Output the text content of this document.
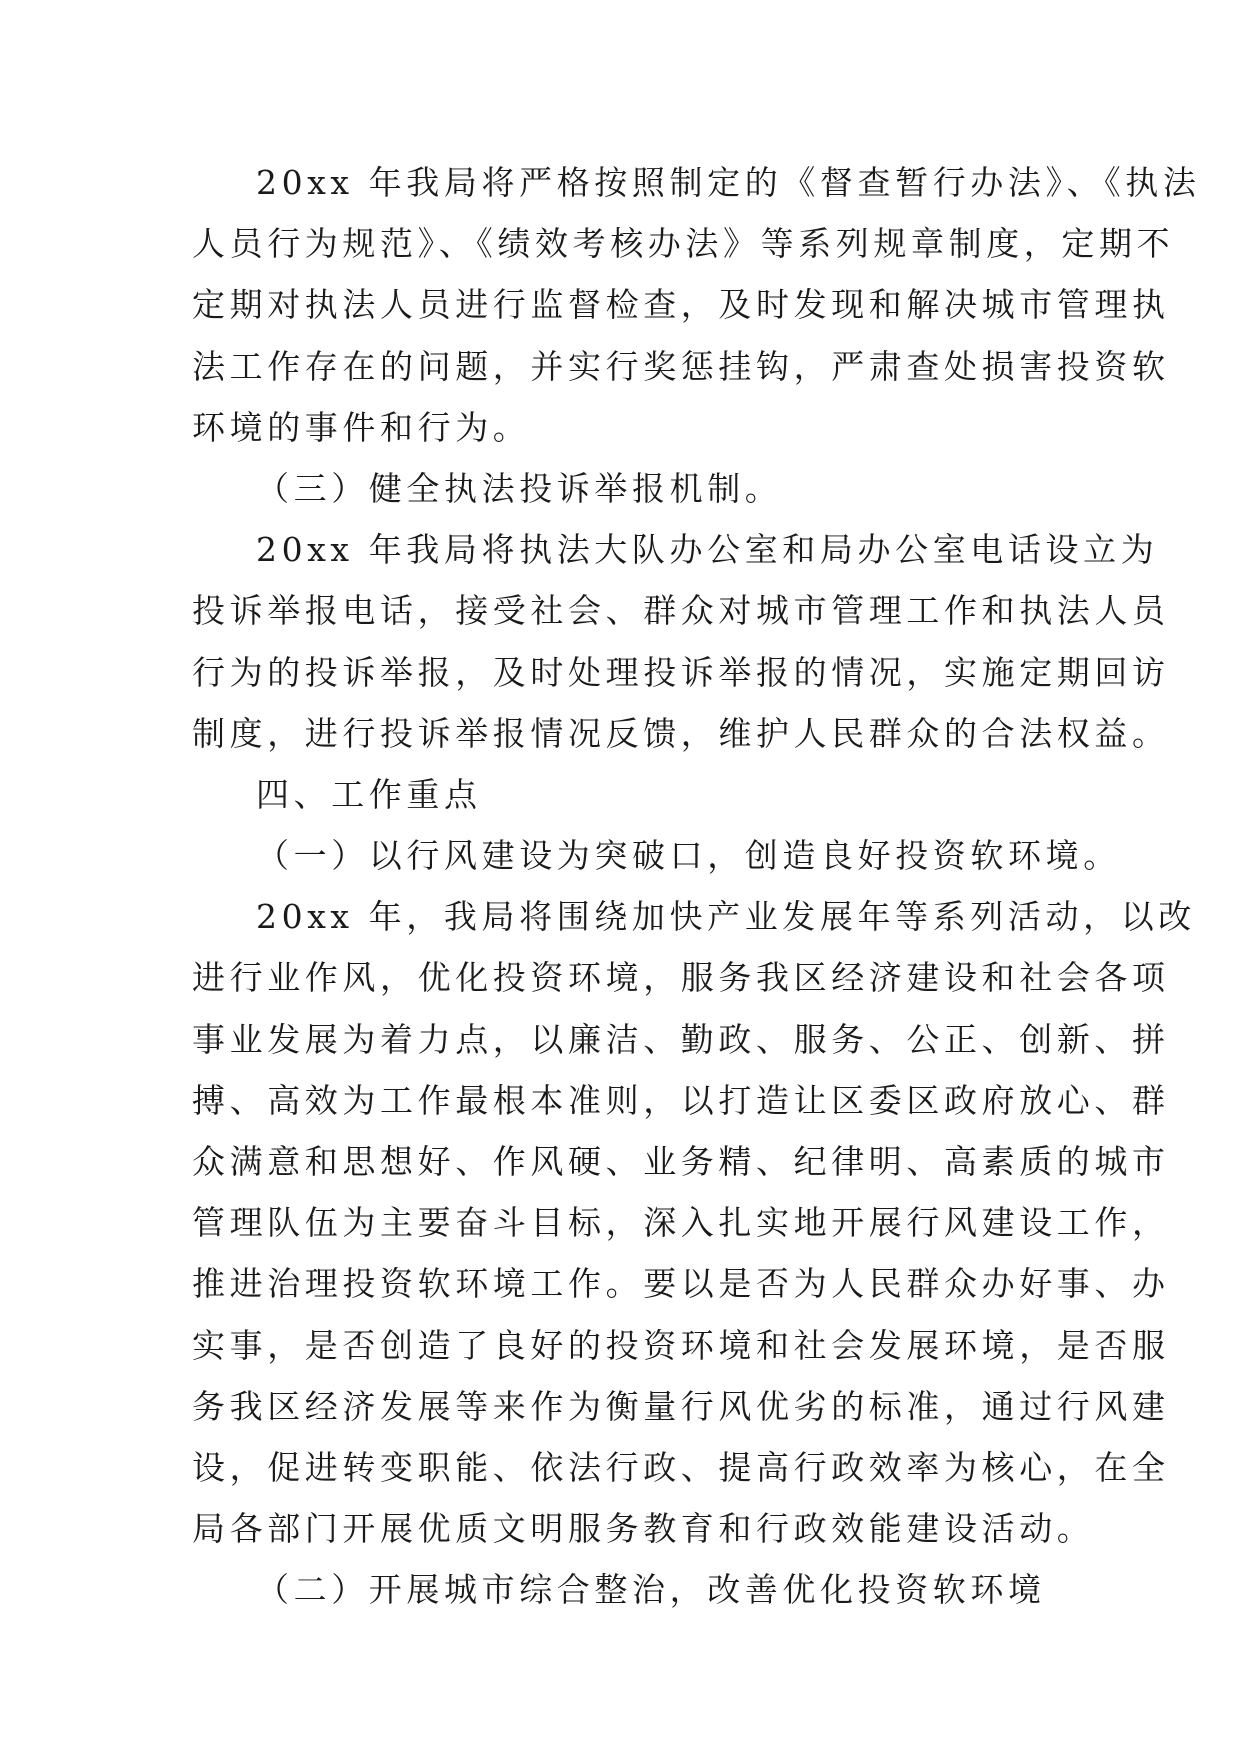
20xx 年我局将严格按照制定的《督查暂行办法》、《执法
人员行为规范》、《绩效考核办法》等系列规章制度，定期不
定期对执法人员进行监督检查，及时发现和解决城市管理执
法工作存在的问题，并实行奖惩挂钩，严肃查处损害投资软
环境的事件和行为。
（三）健全执法投诉举报机制。
20xx 年我局将执法大队办公室和局办公室电话设立为
投诉举报电话，接受社会、群众对城市管理工作和执法人员
行为的投诉举报，及时处理投诉举报的情况，实施定期回访
制度，进行投诉举报情况反馈，维护人民群众的合法权益。
四、工作重点
（一）以行风建设为突破口，创造良好投资软环境。
20xx 年，我局将围绕加快产业发展年等系列活动，以改
进行业作风，优化投资环境，服务我区经济建设和社会各项
事业发展为着力点，以廉洁、勤政、服务、公正、创新、拼
搏、高效为工作最根本准则，以打造让区委区政府放心、群
众满意和思想好、作风硬、业务精、纪律明、高素质的城市
管理队伍为主要奋斗目标，深入扎实地开展行风建设工作，
推进治理投资软环境工作。要以是否为人民群众办好事、办
实事，是否创造了良好的投资环境和社会发展环境，是否服
务我区经济发展等来作为衡量行风优劣的标准，通过行风建
设，促进转变职能、依法行政、提高行政效率为核心，在全
局各部门开展优质文明服务教育和行政效能建设活动。
（二）开展城市综合整治，改善优化投资软环境
